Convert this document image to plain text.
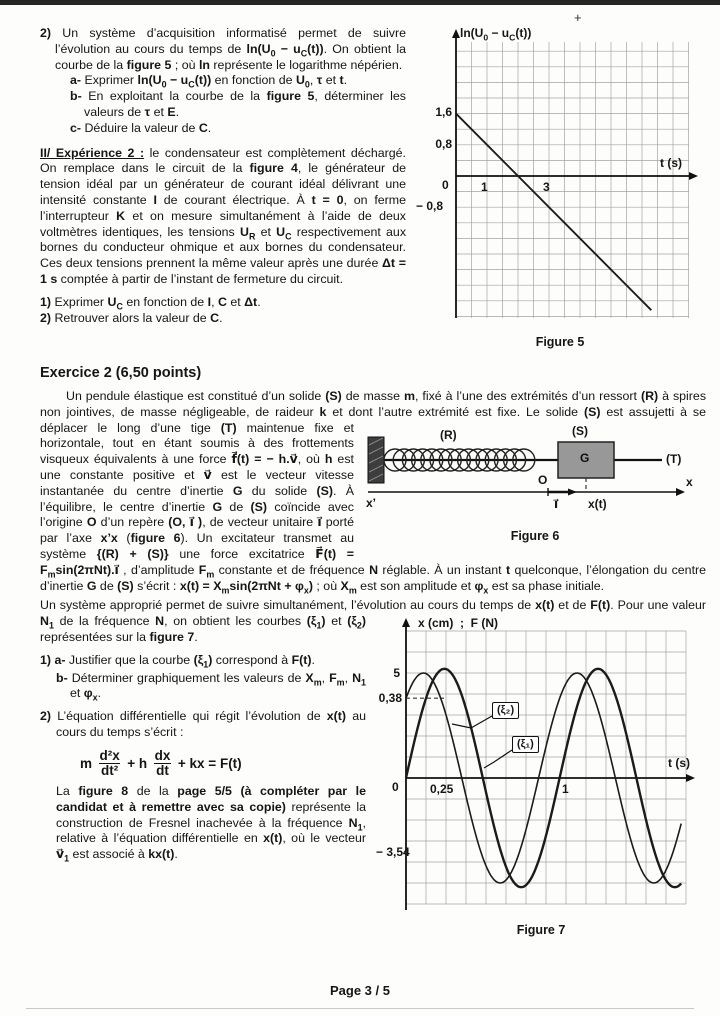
+

2) Un système d’acquisition informatisé permet de suivre l’évolution au cours du temps de $\ln(U_0 - u_C(t))$. On obtient la courbe de la figure 5 ; où ln représente le logarithme népérien.

a- Exprimer $\ln(U_0 - u_C(t))$ en fonction de $U_0$, τ et t.

b- En exploitant la courbe de la figure 5, déterminer les valeurs de τ et E.

c- Déduire la valeur de C.

II/ Expérience 2 : le condensateur est complètement déchargé. On remplace dans le circuit de la figure 4, le générateur de tension idéal par un générateur de courant idéal délivrant une intensité constante I de courant électrique. À t = 0, on ferme l’interrupteur K et on mesure simultanément à l’aide de deux voltmètres identiques, les tensions $U_R$ et $U_C$ respectivement aux bornes du conducteur ohmique et aux bornes du condensateur. Ces deux tensions prennent la même valeur après une durée Δt = 1 s comptée à partir de l’instant de fermeture du circuit.

1) Exprimer $U_C$ en fonction de I, C et Δt.

2) Retrouver alors la valeur de C.

$\ln(U_0 - u_C(t))$
t (s)
1,6
0,8
0
− 0,8
1	3
Figure 5
Exercice 2 (6,50 points)
Un pendule élastique est constitué d’un solide (S) de masse m, fixé à l’une des extrémités d’un ressort (R) à spires non jointives, de masse négligeable, de raideur k et dont l’autre extrémité est fixe. Le
(R)	(S)
(T)
G
x’
x
O
i⃗ x(t)
Figure 6
solide (S) est assujetti à se déplacer le long d’une tige (T) maintenue fixe et horizontale, tout en étant soumis à des frottements visqueux équivalents à une force f⃗(t) = − h.v⃗, où h est une constante positive et v⃗ est le vecteur vitesse instantanée du centre d’inertie G du solide (S). À l’équilibre, le centre d’inertie G de (S) coïncide avec l’origine O d’un repère (O, i⃗ ), de vecteur unitaire i⃗ porté par l’axe x’x (figure 6). Un excitateur transmet au système {(R) + (S)} une force excitatrice F⃗(t) = $F_m\sin(2\pi Nt).i⃗$ , d’amplitude $F_m$ constante et de fréquence N réglable. À un instant t quelconque, l’élongation du centre d’inertie G de (S) s’écrit : $x(t) = X_m\sin(2\pi Nt + \varphi_x)$ ; où $X_m$ est son amplitude et $\varphi_x$ est sa phase initiale.
Un système approprié permet de suivre simultanément, l’évolution au cours du temps de x(t) et de
x (cm)  ;  F (N)
t (s)
5
0,38
0
− 3,54
0,25	1
(ξ₂)
(ξ₁)
Figure 7
F(t). Pour une valeur $N_1$ de la fréquence N, on obtient les courbes $(\xi_1)$ et $(\xi_2)$ représentées sur la figure 7.

1) a- Justifier que la courbe $(\xi_1)$ correspond à F(t).

b- Déterminer graphiquement les valeurs de $X_m$, $F_m$, $N_1$ et $\varphi_x$.

2) L’équation différentielle qui régit l’évolution de x(t) au cours du temps s’écrit :

m $\frac{\text{d²x}}{\text{dt²}} + h \frac{dx}{dt}$ + kx = F(t)

La figure 8 de la page 5/5 (à compléter par le candidat et à remettre avec sa copie) représente la construction de Fresnel inachevée à la fréquence $N_1$, relative à l’équation différentielle en x(t), où le vecteur $v⃗_1$ est associé à kx(t).

Page 3 / 5
